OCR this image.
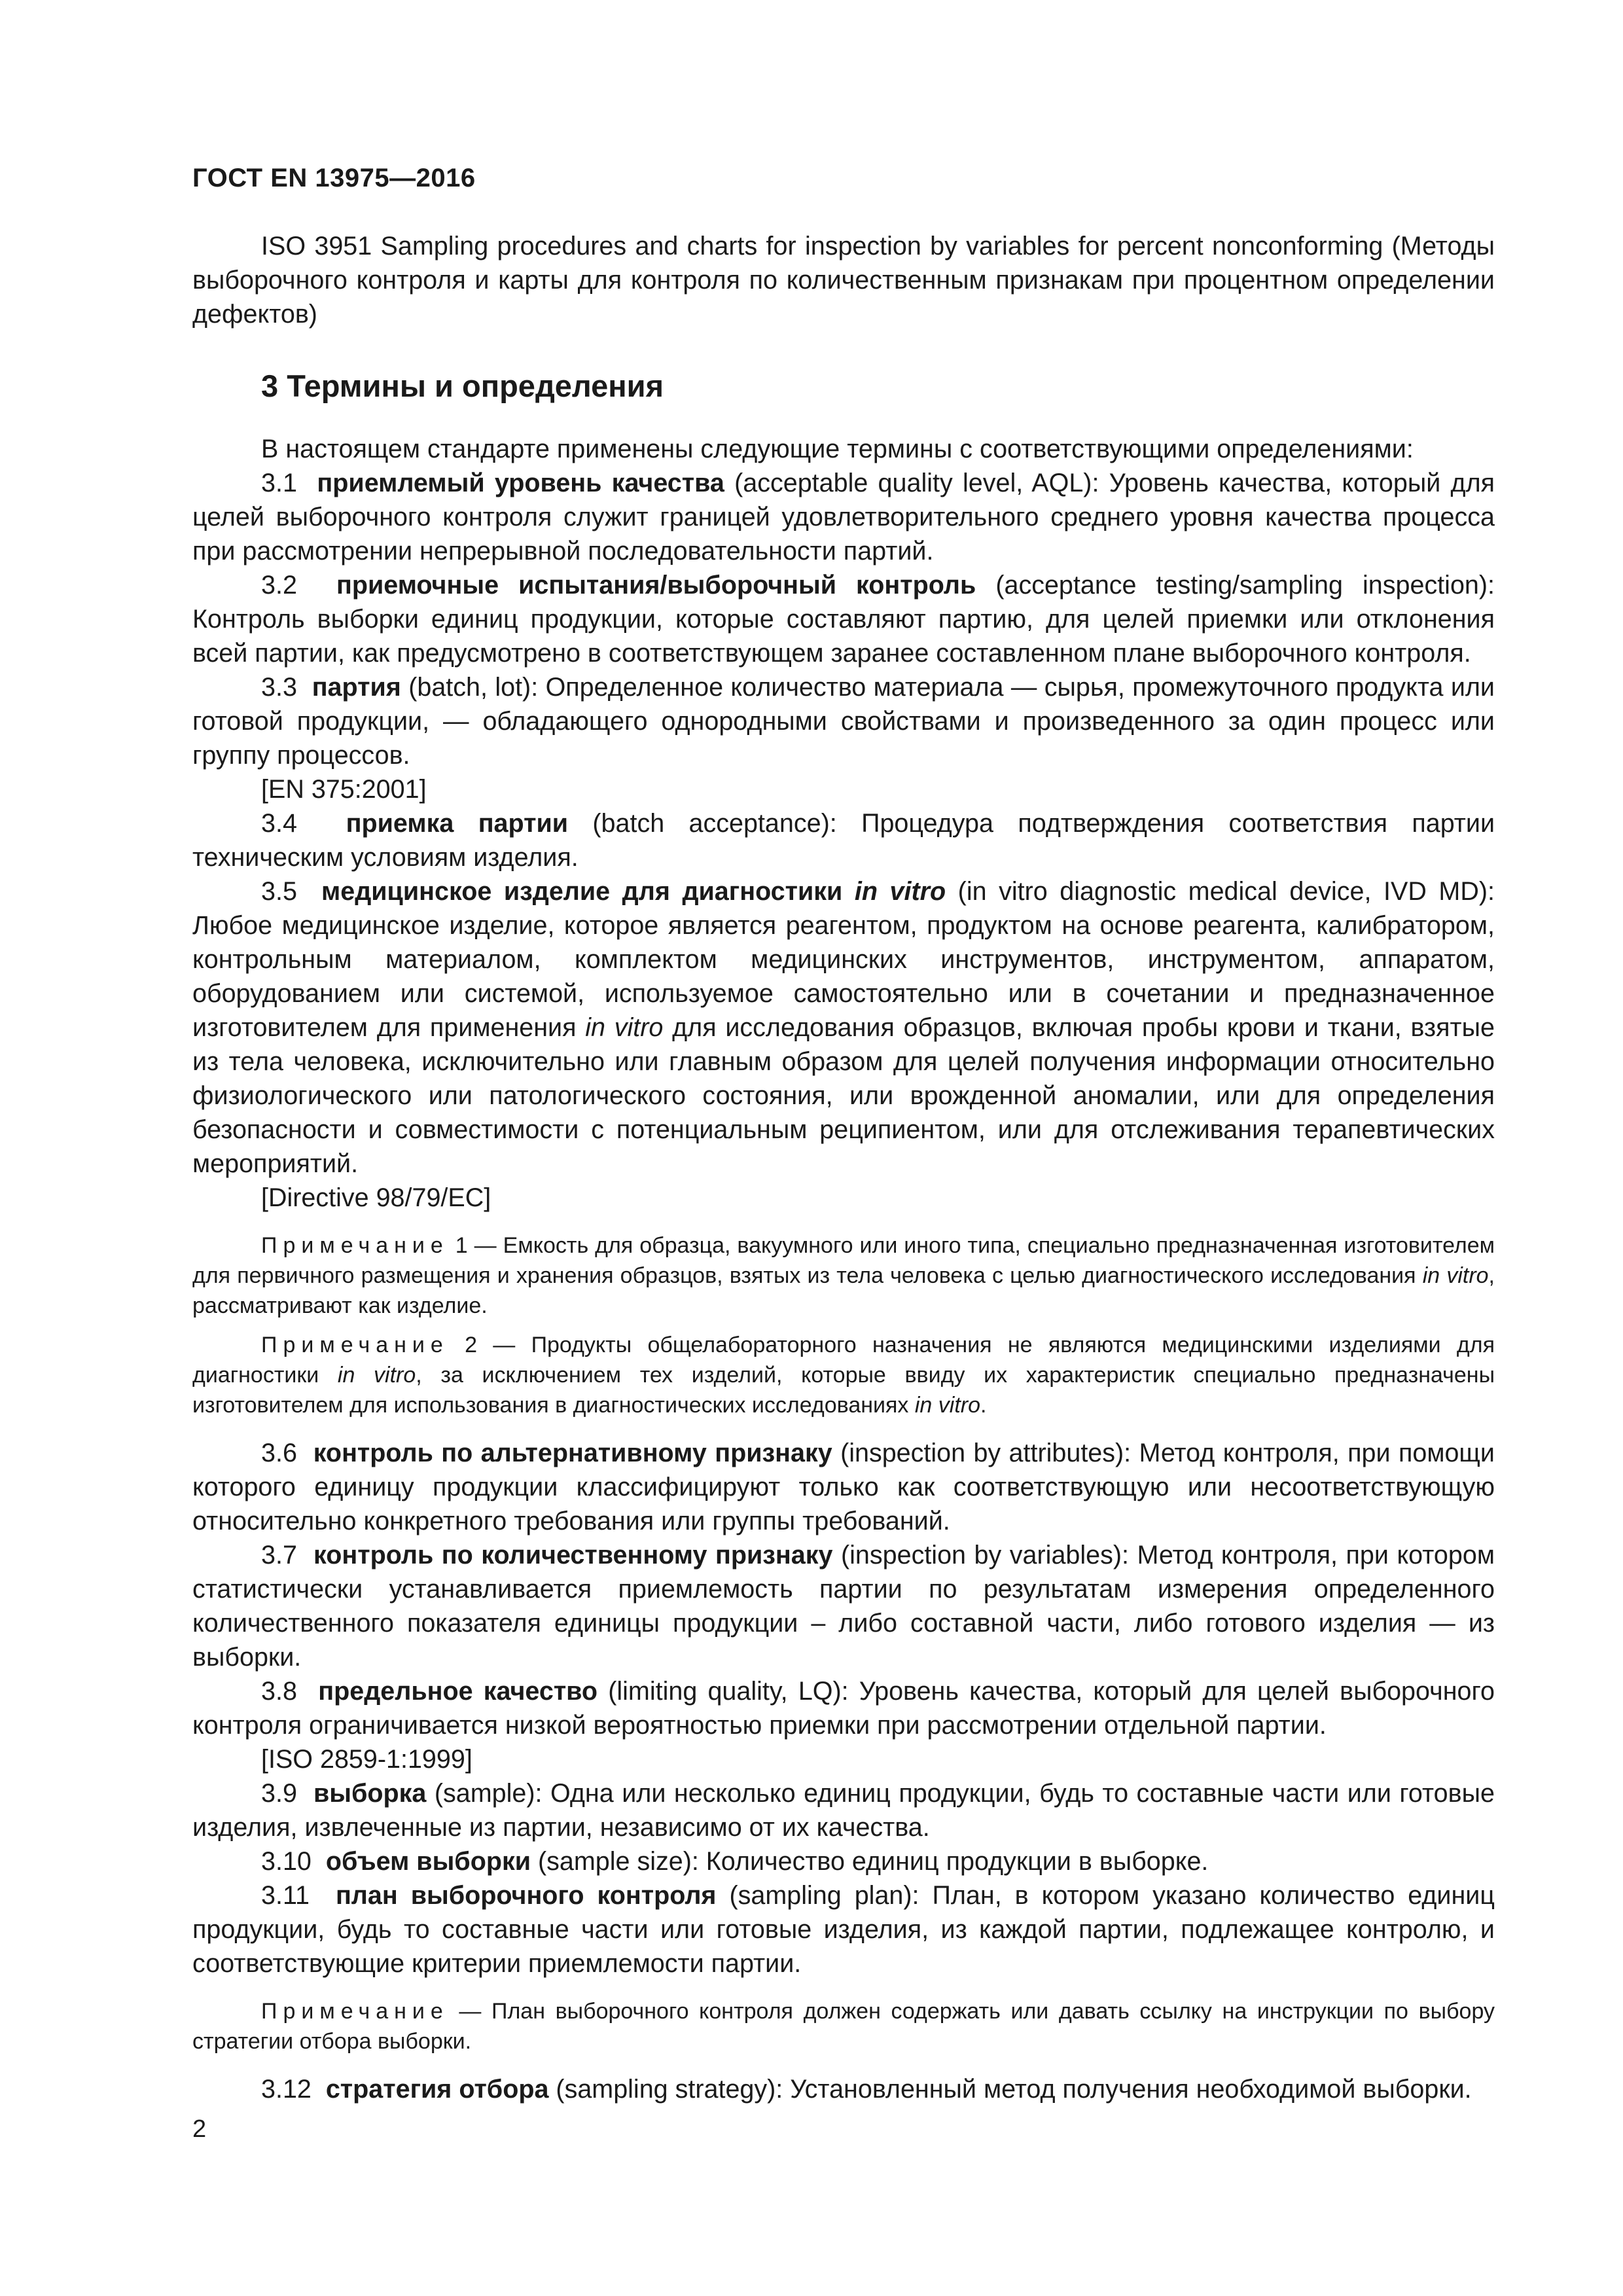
ГОСТ EN 13975—2016

ISO 3951 Sampling procedures and charts for inspection by variables for percent nonconforming (Методы выборочного контроля и карты для контроля по количественным признакам при процентном определении дефектов)

3 Термины и определения

В настоящем стандарте применены следующие термины с соответствующими определениями:

3.1 приемлемый уровень качества (acceptable quality level, AQL): Уровень качества, который для целей выборочного контроля служит границей удовлетворительного среднего уровня качества процесса при рассмотрении непрерывной последовательности партий.

3.2 приемочные испытания/выборочный контроль (acceptance testing/sampling inspection): Контроль выборки единиц продукции, которые составляют партию, для целей приемки или отклонения всей партии, как предусмотрено в соответствующем заранее составленном плане выборочного контроля.

3.3 партия (batch, lot): Определенное количество материала — сырья, промежуточного продукта или готовой продукции, — обладающего однородными свойствами и произведенного за один процесс или группу процессов.

[EN 375:2001]

3.4 приемка партии (batch acceptance): Процедура подтверждения соответствия партии техническим условиям изделия.

3.5 медицинское изделие для диагностики in vitro (in vitro diagnostic medical device, IVD MD): Любое медицинское изделие, которое является реагентом, продуктом на основе реагента, калибратором, контрольным материалом, комплектом медицинских инструментов, инструментом, аппаратом, оборудованием или системой, используемое самостоятельно или в сочетании и предназначенное изготовителем для применения in vitro для исследования образцов, включая пробы крови и ткани, взятые из тела человека, исключительно или главным образом для целей получения информации относительно физиологического или патологического состояния, или врожденной аномалии, или для определения безопасности и совместимости с потенциальным реципиентом, или для отслеживания терапевтических мероприятий.

[Directive 98/79/EC]

Примечание 1 — Емкость для образца, вакуумного или иного типа, специально предназначенная изготовителем для первичного размещения и хранения образцов, взятых из тела человека с целью диагностического исследования in vitro, рассматривают как изделие.

Примечание 2 — Продукты общелабораторного назначения не являются медицинскими изделиями для диагностики in vitro, за исключением тех изделий, которые ввиду их характеристик специально предназначены изготовителем для использования в диагностических исследованиях in vitro.

3.6 контроль по альтернативному признаку (inspection by attributes): Метод контроля, при помощи которого единицу продукции классифицируют только как соответствующую или несоответствующую относительно конкретного требования или группы требований.

3.7 контроль по количественному признаку (inspection by variables): Метод контроля, при котором статистически устанавливается приемлемость партии по результатам измерения определенного количественного показателя единицы продукции – либо составной части, либо готового изделия — из выборки.

3.8 предельное качество (limiting quality, LQ): Уровень качества, который для целей выборочного контроля ограничивается низкой вероятностью приемки при рассмотрении отдельной партии.

[ISO 2859-1:1999]

3.9 выборка (sample): Одна или несколько единиц продукции, будь то составные части или готовые изделия, извлеченные из партии, независимо от их качества.

3.10 объем выборки (sample size): Количество единиц продукции в выборке.

3.11 план выборочного контроля (sampling plan): План, в котором указано количество единиц продукции, будь то составные части или готовые изделия, из каждой партии, подлежащее контролю, и соответствующие критерии приемлемости партии.

Примечание — План выборочного контроля должен содержать или давать ссылку на инструкции по выбору стратегии отбора выборки.

3.12 стратегия отбора (sampling strategy): Установленный метод получения необходимой выборки.

2
